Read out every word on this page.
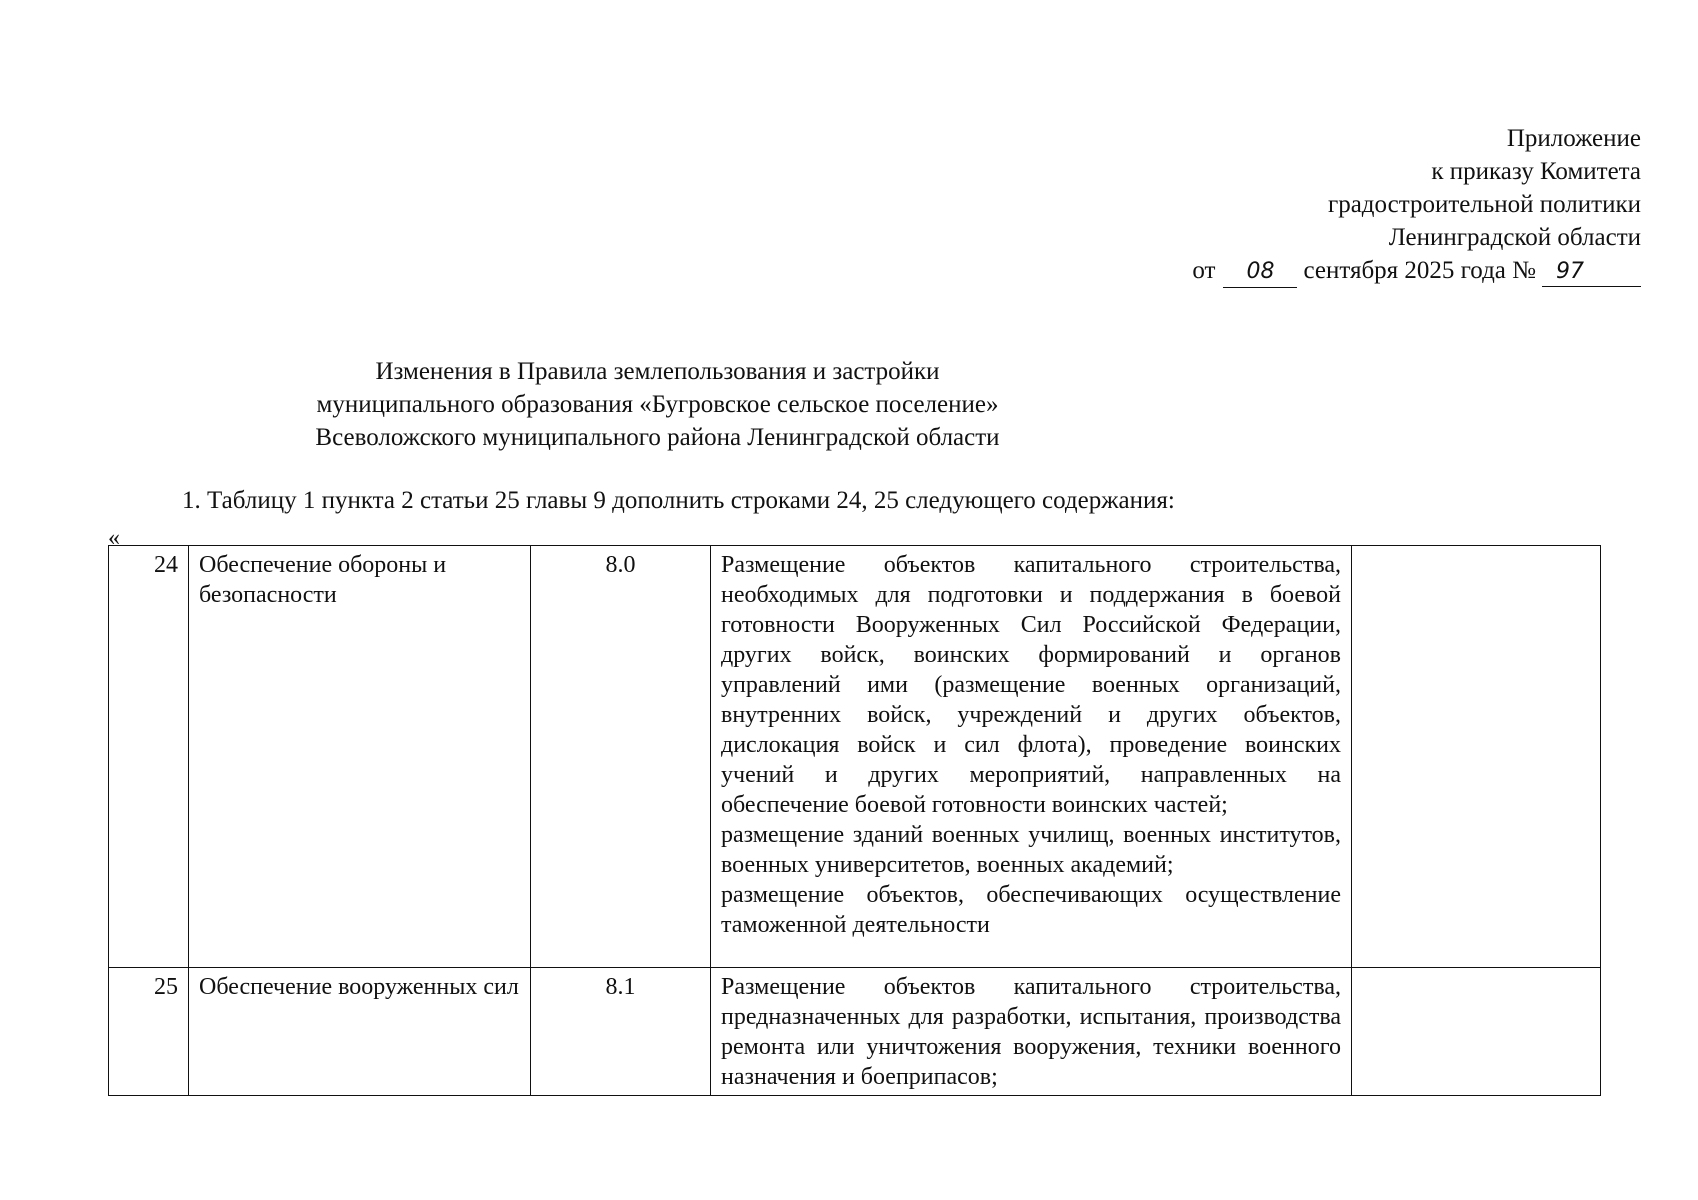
Приложение
к приказу Комитета
градостроительной политики
Ленинградской области
от 08 сентября 2025 года № 97
Изменения в Правила землепользования и застройки
муниципального образования «Бугровское сельское поселение»
Всеволожского муниципального района Ленинградской области
1. Таблицу 1 пункта 2 статьи 25 главы 9 дополнить строками 24, 25 следующего содержания:
«
24	Обеспечение обороны и безопасности	8.0	Размещение объектов капитального строительства, необходимых для подготовки и поддержания в боевой готовности Вооруженных Сил Российской Федерации, других войск, воинских формирований и органов управлений ими (размещение военных организаций, внутренних войск, учреждений и других объектов, дислокация войск и сил флота), проведение воинских учений и других мероприятий, направленных на обеспечение боевой готовности воинских частей;
размещение зданий военных училищ, военных институтов, военных университетов, военных академий;
размещение объектов, обеспечивающих осуществление таможенной деятельности	

25	Обеспечение вооруженных сил	8.1	Размещение объектов капитального строительства, предназначенных для разработки, испытания, производства ремонта или уничтожения вооружения, техники военного назначения и боеприпасов;	
